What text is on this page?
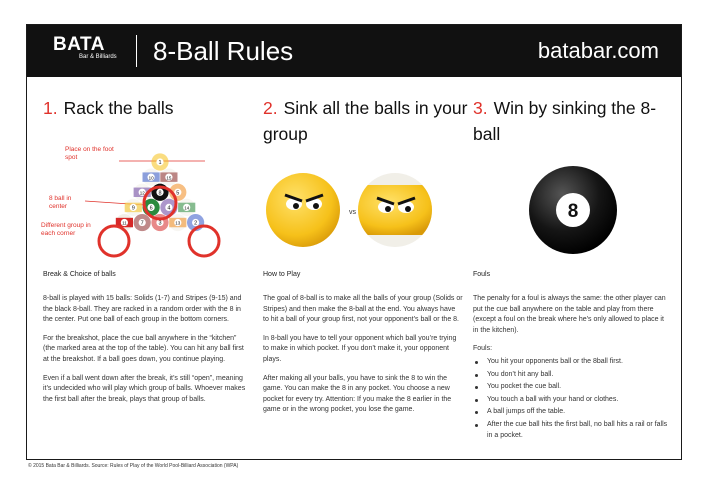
BATA
Bar & Billiards 8-Ball Rules	batabar.com
1. Rack the balls
1
10	15
12	8	5
9	6	4	14
11	7	3	13	2
vs	8
Place on the foot spot
8 ball in center
Different group in each corner
2. Sink all the balls in your group
3. Win by sinking the 8-ball
Break & Choice of balls	How to Play	Fouls

8-ball is played with 15 balls: Solids (1-7) and Stripes (9-15) and the black 8-ball. They are racked in a random order with the 8 in the center. Put one ball of each group in the bottom corners.

For the breakshot, place the cue ball anywhere in the “kitchen” (the marked area at the top of the table). You can hit any ball first at the breakshot. If a ball goes down, you continue playing.

Even if a ball went down after the break, it’s still “open”, meaning it’s undecided who will play which group of balls. Whoever makes the first ball after the break, plays that group of balls.

The goal of 8-ball is to make all the balls of your group (Solids or Stripes) and then make the 8-ball at the end. You always have to hit a ball of your group first, not your opponent’s ball or the 8.

In 8-ball you have to tell your opponent which ball you’re trying to make in which pocket. If you don’t make it, your opponent plays.

After making all your balls, you have to sink the 8 to win the game. You can make the 8 in any pocket. You choose a new pocket for every try. Attention: If you make the 8 earlier in the game or in the wrong pocket, you lose the game.

The penalty for a foul is always the same: the other player can put the cue ball anywhere on the table and play from there (except a foul on the break where he’s only allowed to place it in the kitchen).

Fouls:

You hit your opponents ball or the 8ball first.
You don’t hit any ball.
You pocket the cue ball.
You touch a ball with your hand or clothes.
A ball jumps off the table.
After the cue ball hits the first ball, no ball hits a rail or falls in a pocket.
© 2015 Bata Bar & Billiards. Source: Rules of Play of the World Pool-Billiard Association (WPA)
